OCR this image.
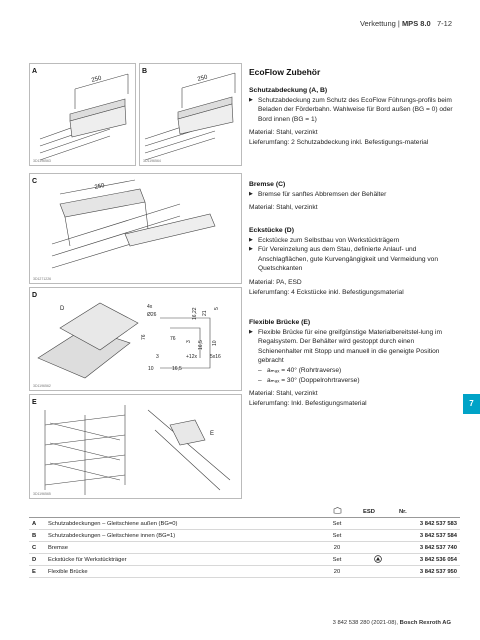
Verkettung | MPS 8.0 7-12
7
A
250
3D1196563
B
250
3D1196564
C
250
3D1271226
D
D	4x
Ø26	16,22 21
5
76 3 16,5 10
+12x	5x16
3
10	16,5
76
3D1196562
E
E
3D1196565
EcoFlow Zubehör
Schutzabdeckung (A, B)
▶ Schutzabdeckung zum Schutz des EcoFlow Führungs-profils beim Beladen der Förderbahn. Wahlweise für Bord außen (BG = 0) oder Bord innen (BG = 1)
Material: Stahl, verzinkt
Lieferumfang: 2 Schutzabdeckung inkl. Befestigungs-material
Bremse (C)
▶ Bremse für sanftes Abbremsen der Behälter
Material: Stahl, verzinkt
Eckstücke (D)
▶ Eckstücke zum Selbstbau von Werkstückträgern
▶ Für Vereinzelung aus dem Stau, definierte Anlauf- und Anschlagflächen, gute Kurvengängigkeit und Vermeidung von Quetschkanten
Material: PA, ESD
Lieferumfang: 4 Eckstücke inkl. Befestigungsmaterial
Flexible Brücke (E)
▶ Flexible Brücke für eine greifgünstige Materialbereitstel-lung im Regalsystem. Der Behälter wird gestoppt durch einen Schienenhalter mit Stopp und manuell in die geneigte Position gebracht
– aₘₐₓ = 40° (Rohrtraverse)
– aₘₐₓ = 30° (Doppelrohrtraverse)
Material: Stahl, verzinkt
Lieferumfang: Inkl. Befestigungsmaterial
			ESD	Nr.
A	Schutzabdeckungen – Gleitschiene außen (BG=0)	Set		3 842 537 583
B	Schutzabdeckungen – Gleitschiene innen (BG=1)	Set		3 842 537 584
C	Bremse	20		3 842 537 740
D	Eckstücke für Werkstückträger	Set		3 842 536 054
E	Flexible Brücke	20		3 842 537 950
3 842 538 280 (2021-08), Bosch Rexroth AG
